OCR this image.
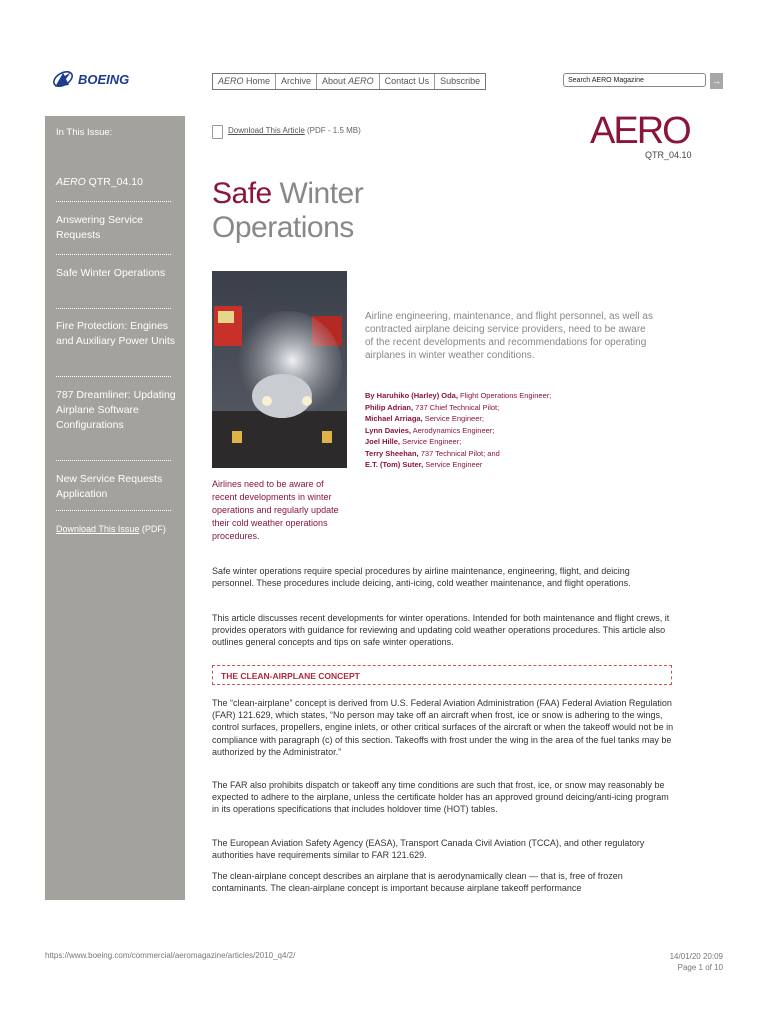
BOEING	AERO Home	Archive	About AERO	Contact Us	Subscribe	Search AERO Magazine	→
In This Issue:
AERO QTR_04.10
Answering Service Requests
Safe Winter Operations
Fire Protection: Engines and Auxiliary Power Units
787 Dreamliner: Updating Airplane Software Configurations
New Service Requests Application
Download This Issue (PDF)
Download This Article (PDF - 1.5 MB)	AERO
QTR_04.10
Safe Winter
Operations
Airlines need to be aware of recent developments in winter operations and regularly update their cold weather operations procedures.
Airline engineering, maintenance, and flight personnel, as well as contracted airplane deicing service providers, need to be aware of the recent developments and recommendations for operating airplanes in winter weather conditions.
By Haruhiko (Harley) Oda, Flight Operations Engineer;
Philip Adrian, 737 Chief Technical Pilot;
Michael Arriaga, Service Engineer;
Lynn Davies, Aerodynamics Engineer;
Joel Hille, Service Engineer;
Terry Sheehan, 737 Technical Pilot; and
E.T. (Tom) Suter, Service Engineer
Safe winter operations require special procedures by airline maintenance, engineering, flight, and deicing personnel. These procedures include deicing, anti-icing, cold weather maintenance, and flight operations.
This article discusses recent developments for winter operations. Intended for both maintenance and flight crews, it provides operators with guidance for reviewing and updating cold weather operations procedures. This article also outlines general concepts and tips on safe winter operations.
THE CLEAN-AIRPLANE CONCEPT
The “clean-airplane” concept is derived from U.S. Federal Aviation Administration (FAA) Federal Aviation Regulation (FAR) 121.629, which states, “No person may take off an aircraft when frost, ice or snow is adhering to the wings, control surfaces, propellers, engine inlets, or other critical surfaces of the aircraft or when the takeoff would not be in compliance with paragraph (c) of this section. Takeoffs with frost under the wing in the area of the fuel tanks may be authorized by the Administrator.”
The FAR also prohibits dispatch or takeoff any time conditions are such that frost, ice, or snow may reasonably be expected to adhere to the airplane, unless the certificate holder has an approved ground deicing/anti-icing program in its operations specifications that includes holdover time (HOT) tables.
The European Aviation Safety Agency (EASA), Transport Canada Civil Aviation (TCCA), and other regulatory authorities have requirements similar to FAR 121.629.
The clean-airplane concept describes an airplane that is aerodynamically clean — that is, free of frozen contaminants. The clean-airplane concept is important because airplane takeoff performance
https://www.boeing.com/commercial/aeromagazine/articles/2010_q4/2/	14/01/20 20:09
Page 1 of 10
